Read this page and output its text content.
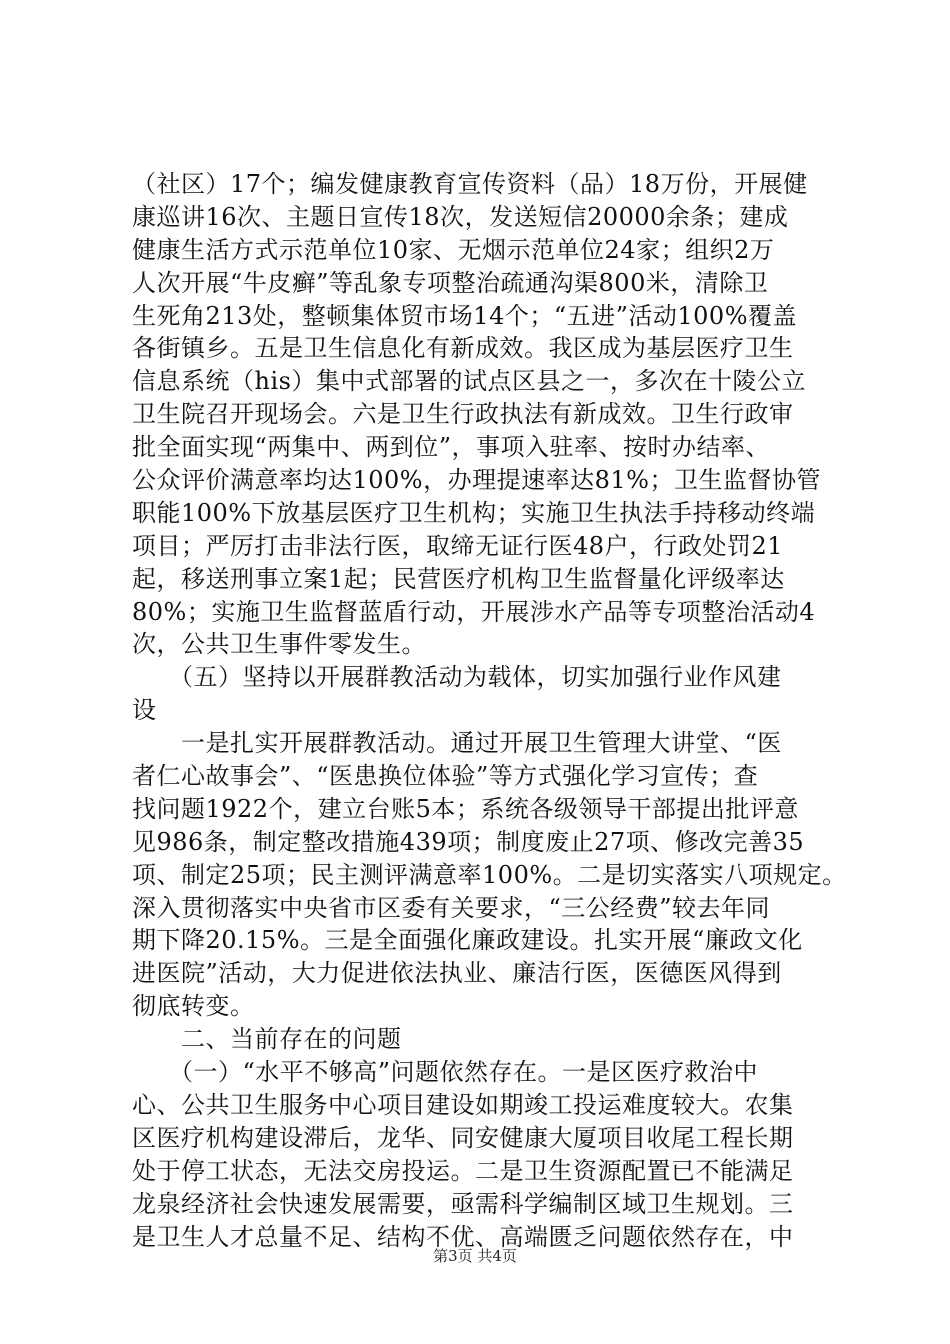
（社区）17个；编发健康教育宣传资料（品）18万份，开展健
康巡讲16次、主题日宣传18次，发送短信20000余条；建成
健康生活方式示范单位10家、无烟示范单位24家；组织2万
人次开展“牛皮癣”等乱象专项整治疏通沟渠800米，清除卫
生死角213处，整顿集体贸市场14个；“五进”活动100%覆盖
各街镇乡。五是卫生信息化有新成效。我区成为基层医疗卫生
信息系统（his）集中式部署的试点区县之一，多次在十陵公立
卫生院召开现场会。六是卫生行政执法有新成效。卫生行政审
批全面实现“两集中、两到位”，事项入驻率、按时办结率、
公众评价满意率均达100%，办理提速率达81%；卫生监督协管
职能100%下放基层医疗卫生机构；实施卫生执法手持移动终端
项目；严厉打击非法行医，取缔无证行医48户，行政处罚21
起，移送刑事立案1起；民营医疗机构卫生监督量化评级率达
80%；实施卫生监督蓝盾行动，开展涉水产品等专项整治活动4
次，公共卫生事件零发生。
　　（五）坚持以开展群教活动为载体，切实加强行业作风建
设
　　一是扎实开展群教活动。通过开展卫生管理大讲堂、“医
者仁心故事会”、“医患换位体验”等方式强化学习宣传；查
找问题1922个，建立台账5本；系统各级领导干部提出批评意
见986条，制定整改措施439项；制度废止27项、修改完善35
项、制定25项；民主测评满意率100%。二是切实落实八项规定。
深入贯彻落实中央省市区委有关要求，“三公经费”较去年同
期下降20.15%。三是全面强化廉政建设。扎实开展“廉政文化
进医院”活动，大力促进依法执业、廉洁行医，医德医风得到
彻底转变。
　　二、当前存在的问题
　　（一）“水平不够高”问题依然存在。一是区医疗救治中
心、公共卫生服务中心项目建设如期竣工投运难度较大。农集
区医疗机构建设滞后，龙华、同安健康大厦项目收尾工程长期
处于停工状态，无法交房投运。二是卫生资源配置已不能满足
龙泉经济社会快速发展需要，亟需科学编制区域卫生规划。三
是卫生人才总量不足、结构不优、高端匮乏问题依然存在，中
第3页 共4页
